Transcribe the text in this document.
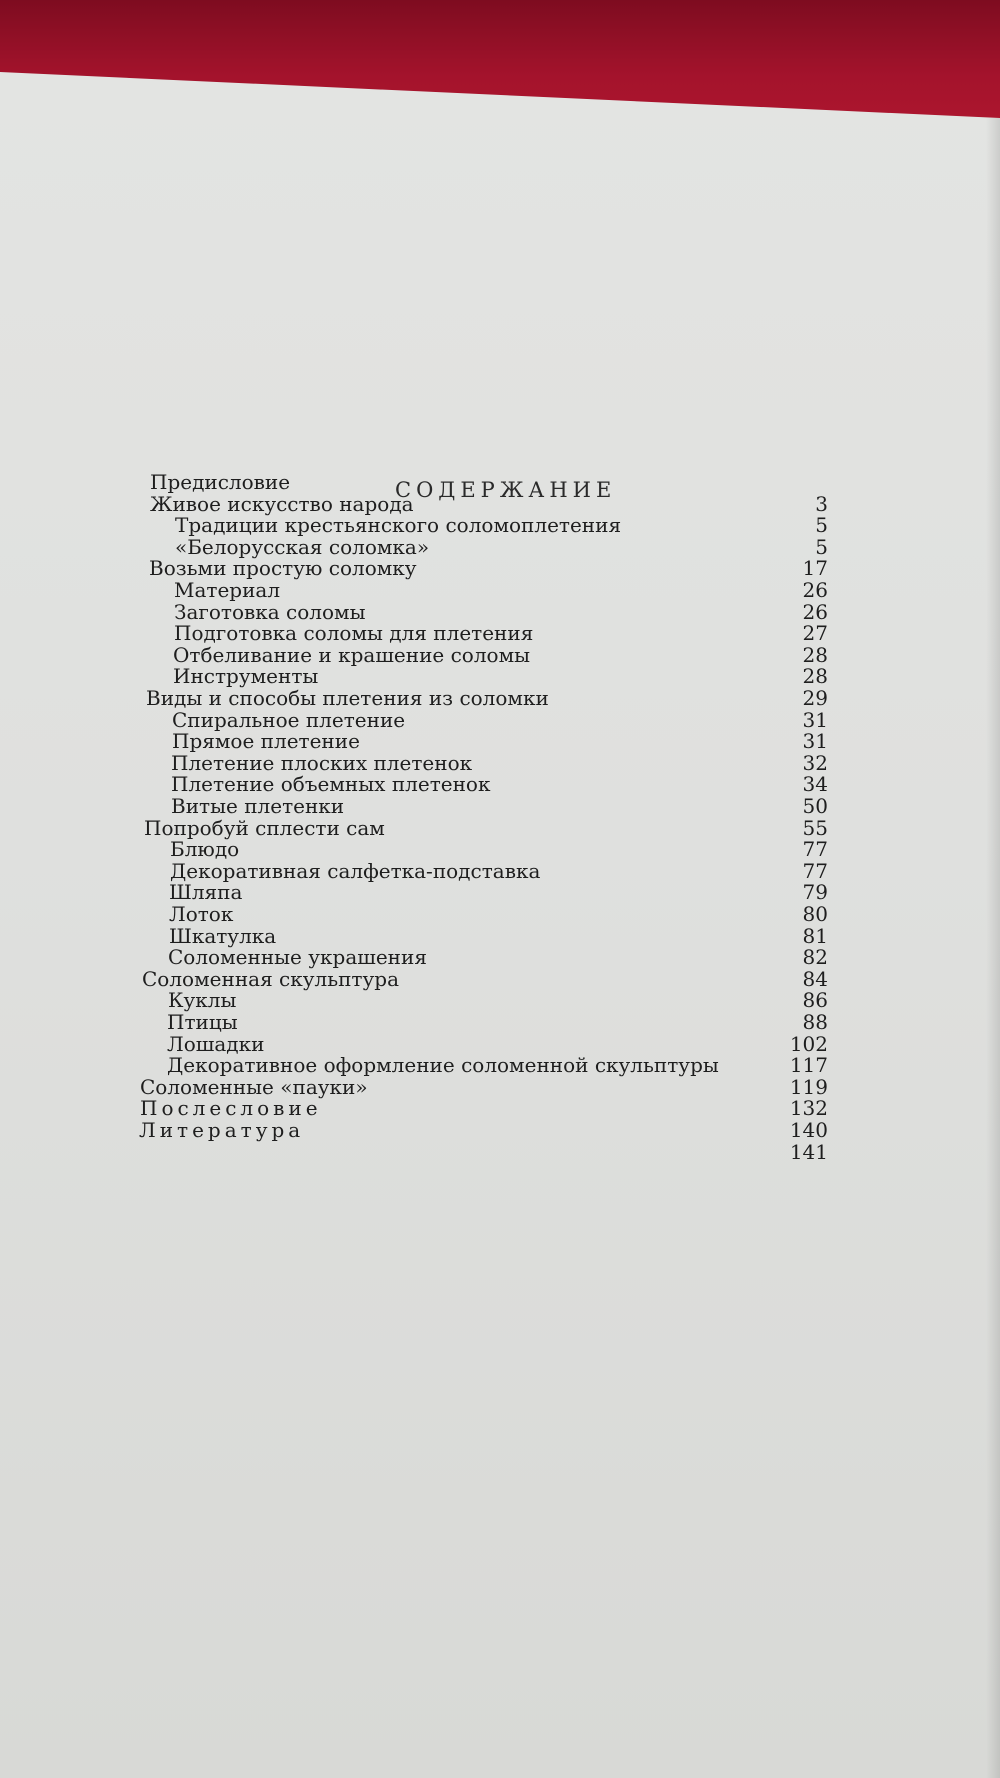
СОДЕРЖАНИЕ
Предисловие
Живое искусство народа	3
Традиции крестьянского соломоплетения	5
«Белорусская соломка»	5
Возьми простую соломку	17
Материал	26
Заготовка соломы	26
Подготовка соломы для плетения	27
Отбеливание и крашение соломы	28
Инструменты	28
Виды и способы плетения из соломки	29
Спиральное плетение	31
Прямое плетение	31
Плетение плоских плетенок	32
Плетение объемных плетенок	34
Витые плетенки	50
Попробуй сплести сам	55
Блюдо	77
Декоративная салфетка-подставка	77
Шляпа	79
Лоток	80
Шкатулка	81
Соломенные украшения	82
Соломенная скульптура	84
Куклы	86
Птицы	88
Лошадки	102
Декоративное оформление соломенной скульптуры	117
Соломенные «пауки»	119
Послесловие	132
Литература	140
141
